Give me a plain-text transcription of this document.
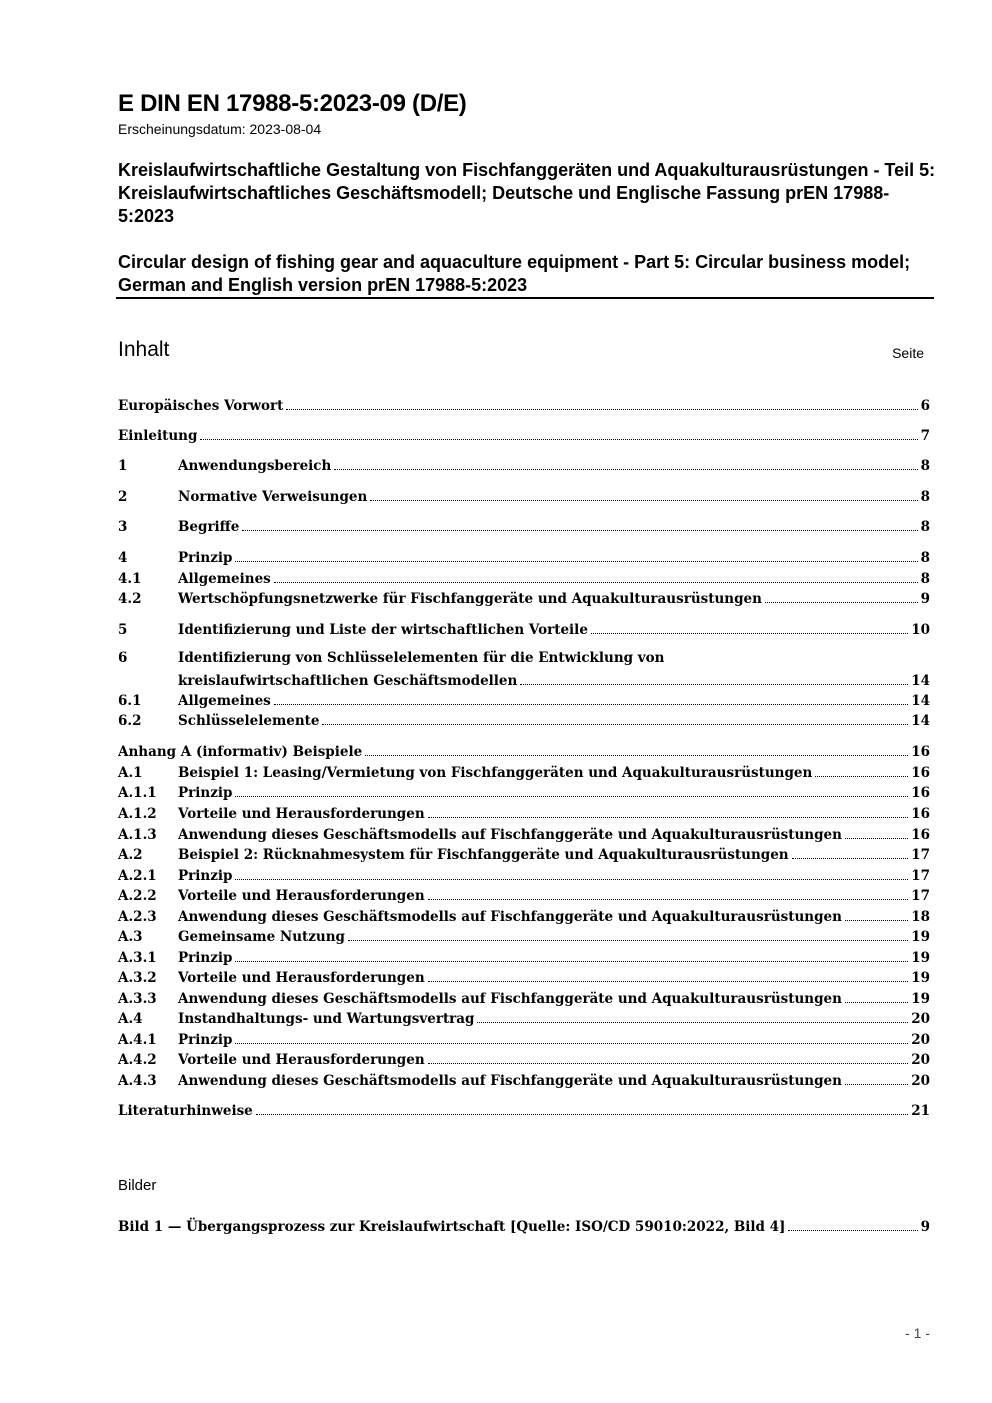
E DIN EN 17988-5:2023-09 (D/E)
Erscheinungsdatum: 2023-08-04
Kreislaufwirtschaftliche Gestaltung von Fischfanggeräten und Aquakulturausrüstungen - Teil 5: Kreislaufwirtschaftliches Geschäftsmodell; Deutsche und Englische Fassung prEN 17988-5:2023
Circular design of fishing gear and aquaculture equipment - Part 5: Circular business model; German and English version prEN 17988-5:2023
Inhalt	Seite
Europäisches Vorwort	6
Einleitung	7
1	Anwendungsbereich	8
2	Normative Verweisungen	8
3	Begriffe	8
4	Prinzip	8
4.1	Allgemeines	8
4.2	Wertschöpfungsnetzwerke für Fischfanggeräte und Aquakulturausrüstungen	9
5	Identifizierung und Liste der wirtschaftlichen Vorteile	10
6	Identifizierung von Schlüsselelementen für die Entwicklung von
kreislaufwirtschaftlichen Geschäftsmodellen	14
6.1	Allgemeines	14
6.2	Schlüsselelemente	14
Anhang A (informativ) Beispiele	16
A.1	Beispiel 1: Leasing/Vermietung von Fischfanggeräten und Aquakulturausrüstungen	16
A.1.1	Prinzip	16
A.1.2	Vorteile und Herausforderungen	16
A.1.3	Anwendung dieses Geschäftsmodells auf Fischfanggeräte und Aquakulturausrüstungen	16
A.2	Beispiel 2: Rücknahmesystem für Fischfanggeräte und Aquakulturausrüstungen	17
A.2.1	Prinzip	17
A.2.2	Vorteile und Herausforderungen	17
A.2.3	Anwendung dieses Geschäftsmodells auf Fischfanggeräte und Aquakulturausrüstungen	18
A.3	Gemeinsame Nutzung	19
A.3.1	Prinzip	19
A.3.2	Vorteile und Herausforderungen	19
A.3.3	Anwendung dieses Geschäftsmodells auf Fischfanggeräte und Aquakulturausrüstungen	19
A.4	Instandhaltungs- und Wartungsvertrag	20
A.4.1	Prinzip	20
A.4.2	Vorteile und Herausforderungen	20
A.4.3	Anwendung dieses Geschäftsmodells auf Fischfanggeräte und Aquakulturausrüstungen	20
Literaturhinweise	21
Bilder
Bild 1 — Übergangsprozess zur Kreislaufwirtschaft [Quelle: ISO/CD 59010:2022, Bild 4]	9
- 1 -
